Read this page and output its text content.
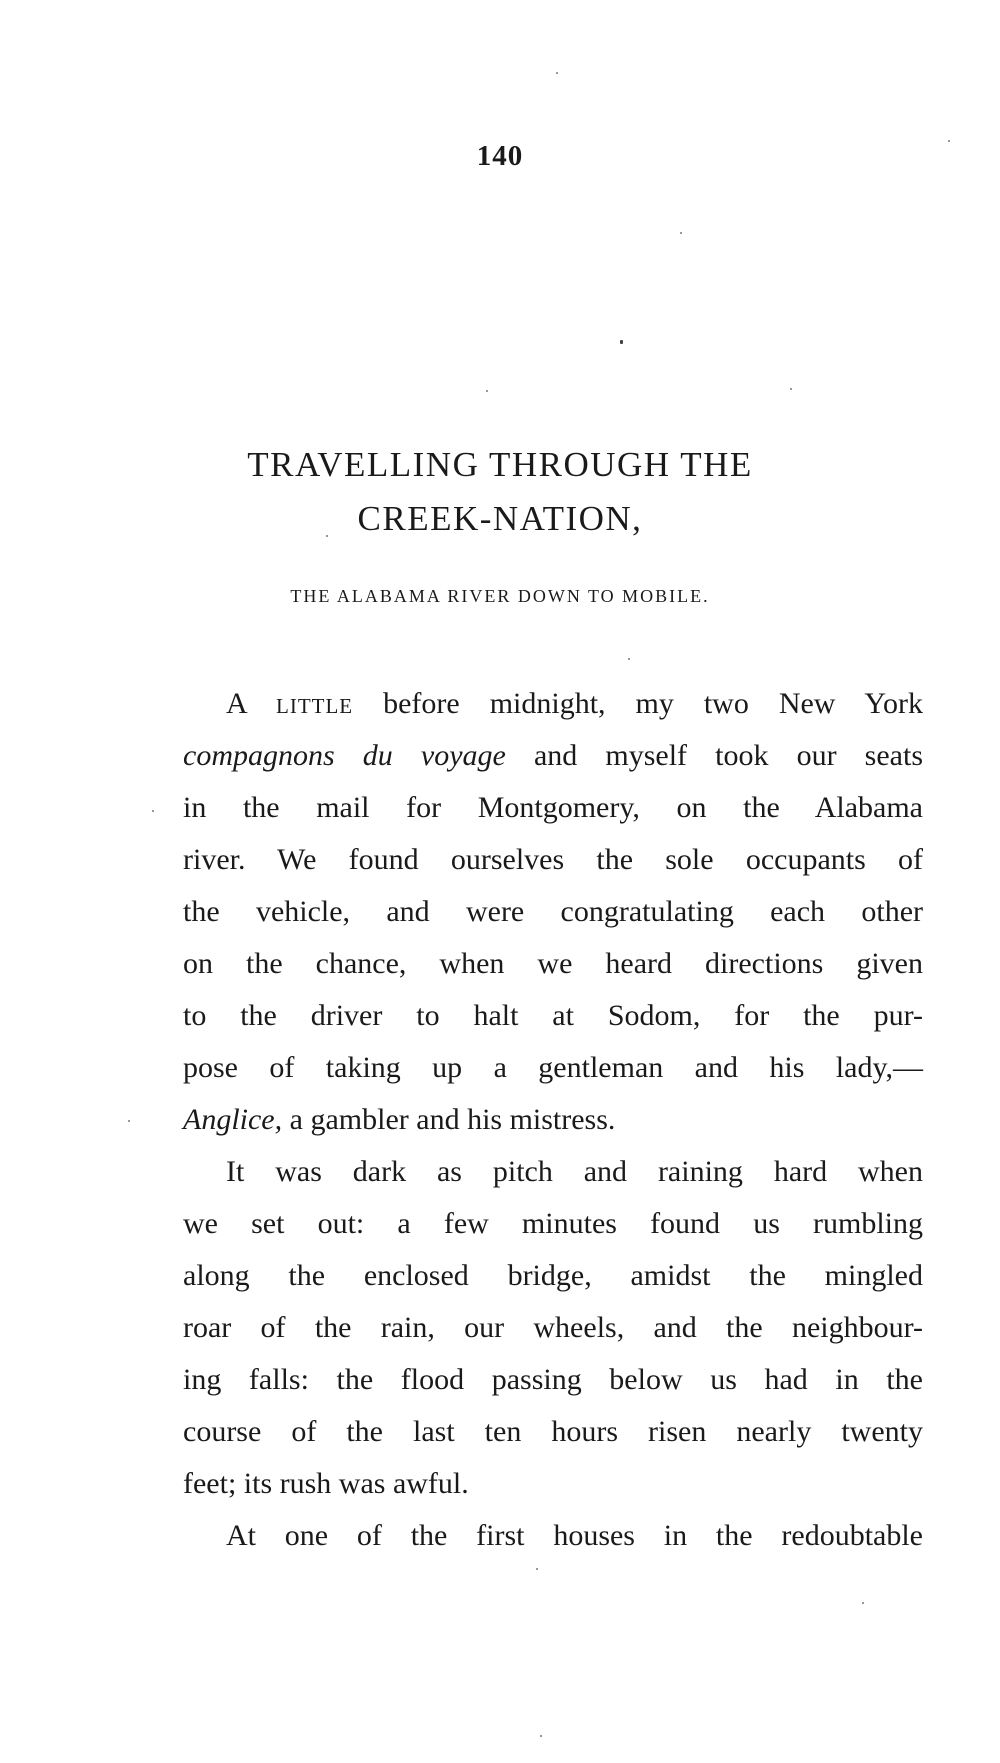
140
TRAVELLING THROUGH THE
CREEK-NATION,
THE ALABAMA RIVER DOWN TO MOBILE.
A little before midnight, my two New York
compagnons du voyage and myself took our seats
in the mail for Montgomery, on the Alabama
river. We found ourselves the sole occupants of
the vehicle, and were congratulating each other
on the chance, when we heard directions given
to the driver to halt at Sodom, for the pur-
pose of taking up a gentleman and his lady,—
Anglice, a gambler and his mistress.
It was dark as pitch and raining hard when
we set out: a few minutes found us rumbling
along the enclosed bridge, amidst the mingled
roar of the rain, our wheels, and the neighbour-
ing falls: the flood passing below us had in the
course of the last ten hours risen nearly twenty
feet; its rush was awful.
At one of the first houses in the redoubtable
